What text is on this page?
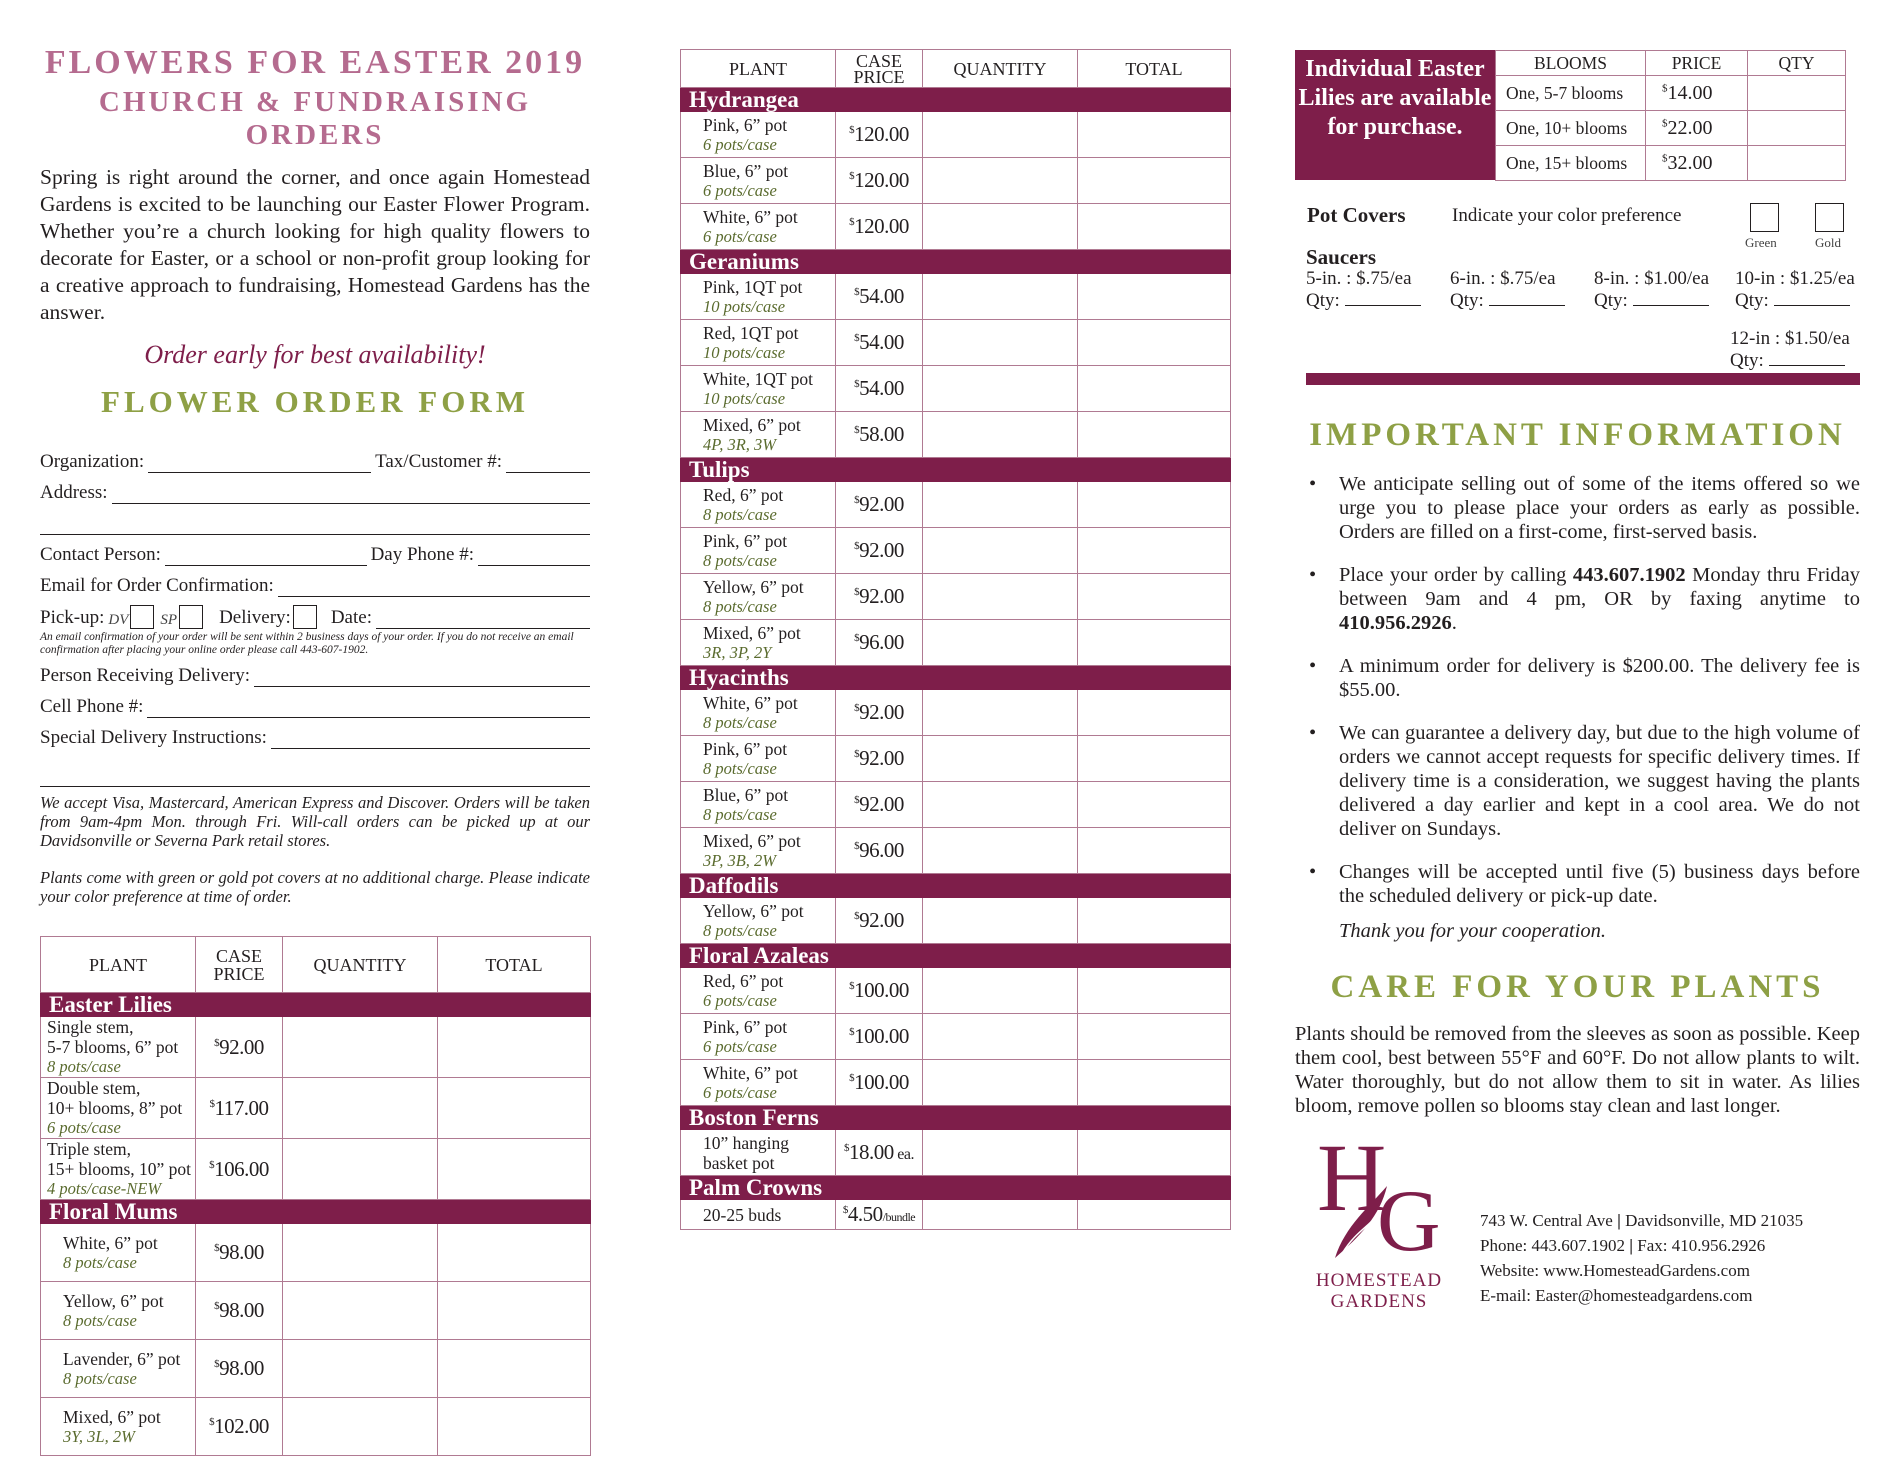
FLOWERS FOR EASTER 2019
CHURCH & FUNDRAISING ORDERS

Spring is right around the corner, and once again Homestead Gardens is excited to be launching our Easter Flower Program. Whether you’re a church looking for high quality flowers to decorate for Easter, or a school or non-profit group looking for a creative approach to fundraising, Homestead Gardens has the answer.

Order early for best availability!
FLOWER ORDER FORM
Organization:	Tax/Customer #:
Address:
Contact Person:	Day Phone #:
Email for Order Confirmation:
Pick-up: DV SP Delivery: Date:
An email confirmation of your order will be sent within 2 business days of your order. If you do not receive an email confirmation after placing your online order please call 443-607-1902.
Person Receiving Delivery:
Cell Phone #:
Special Delivery Instructions:

We accept Visa, Mastercard, American Express and Discover. Orders will be taken from 9am-4pm Mon. through Fri. Will-call orders can be picked up at our Davidsonville or Severna Park retail stores.

Plants come with green or gold pot covers at no additional charge. Please indicate your color preference at time of order.

PLANT	CASE
PRICE	QUANTITY	TOTAL
Easter Lilies			
Single stem,
5-7 blooms, 6” pot
8 pots/case	$92.00		
Double stem,
10+ blooms, 8” pot
6 pots/case	$117.00		
Triple stem,
15+ blooms, 10” pot
4 pots/case-NEW	$106.00		
Floral Mums			
White, 6” pot
8 pots/case	$98.00		
Yellow, 6” pot
8 pots/case	$98.00		
Lavender, 6” pot
8 pots/case	$98.00		
Mixed, 6” pot
3Y, 3L, 2W	$102.00		
PLANT	CASE
PRICE	QUANTITY	TOTAL
Hydrangea			
Pink, 6” pot
6 pots/case	$120.00		
Blue, 6” pot
6 pots/case	$120.00		
White, 6” pot
6 pots/case	$120.00		
Geraniums			
Pink, 1QT pot
10 pots/case	$54.00		
Red, 1QT pot
10 pots/case	$54.00		
White, 1QT pot
10 pots/case	$54.00		
Mixed, 6” pot
4P, 3R, 3W	$58.00		
Tulips			
Red, 6” pot
8 pots/case	$92.00		
Pink, 6” pot
8 pots/case	$92.00		
Yellow, 6” pot
8 pots/case	$92.00		
Mixed, 6” pot
3R, 3P, 2Y	$96.00		
Hyacinths			
White, 6” pot
8 pots/case	$92.00		
Pink, 6” pot
8 pots/case	$92.00		
Blue, 6” pot
8 pots/case	$92.00		
Mixed, 6” pot
3P, 3B, 2W	$96.00		
Daffodils			
Yellow, 6” pot
8 pots/case	$92.00		
Floral Azaleas			
Red, 6” pot
6 pots/case	$100.00		
Pink, 6” pot
6 pots/case	$100.00		
White, 6” pot
6 pots/case	$100.00		
Boston Ferns			
10” hanging
basket pot	$18.00 ea.		
Palm Crowns			
20-25 buds	$4.50/bundle		
Individual Easter Lilies are available for purchase.
BLOOMS	PRICE	QTY
One, 5-7 blooms	$14.00	
One, 10+ blooms	$22.00	
One, 15+ blooms	$32.00	
Pot Covers Indicate your color preference
Green	Gold
Saucers
5-in. : $.75/ea
Qty:
6-in. : $.75/ea
Qty:
8-in. : $1.00/ea
Qty:
10-in : $1.25/ea
Qty:
12-in : $1.50/ea
Qty:
IMPORTANT INFORMATION
• We anticipate selling out of some of the items offered so we urge you to please place your orders as early as possible. Orders are filled on a first-come, first-served basis.
• Place your order by calling 443.607.1902 Monday thru Friday between 9am and 4 pm, OR by faxing anytime to 410.956.2926.
• A minimum order for delivery is $200.00. The delivery fee is $55.00.
• We can guarantee a delivery day, but due to the high volume of orders we cannot accept requests for specific delivery times. If delivery time is a consideration, we suggest having the plants delivered a day earlier and kept in a cool area. We do not deliver on Sundays.
• Changes will be accepted until five (5) business days before the scheduled delivery or pick-up date.
Thank you for your cooperation.
CARE FOR YOUR PLANTS

Plants should be removed from the sleeves as soon as possible. Keep them cool, best between 55°F and 60°F. Do not allow plants to wilt. Water thoroughly, but do not allow them to sit in water. As lilies bloom, remove pollen so blooms stay clean and last longer.

H
G
HOMESTEAD
GARDENS
743 W. Central Ave | Davidsonville, MD 21035
Phone: 443.607.1902 | Fax: 410.956.2926
Website: www.HomesteadGardens.com
E-mail: Easter@homesteadgardens.com
